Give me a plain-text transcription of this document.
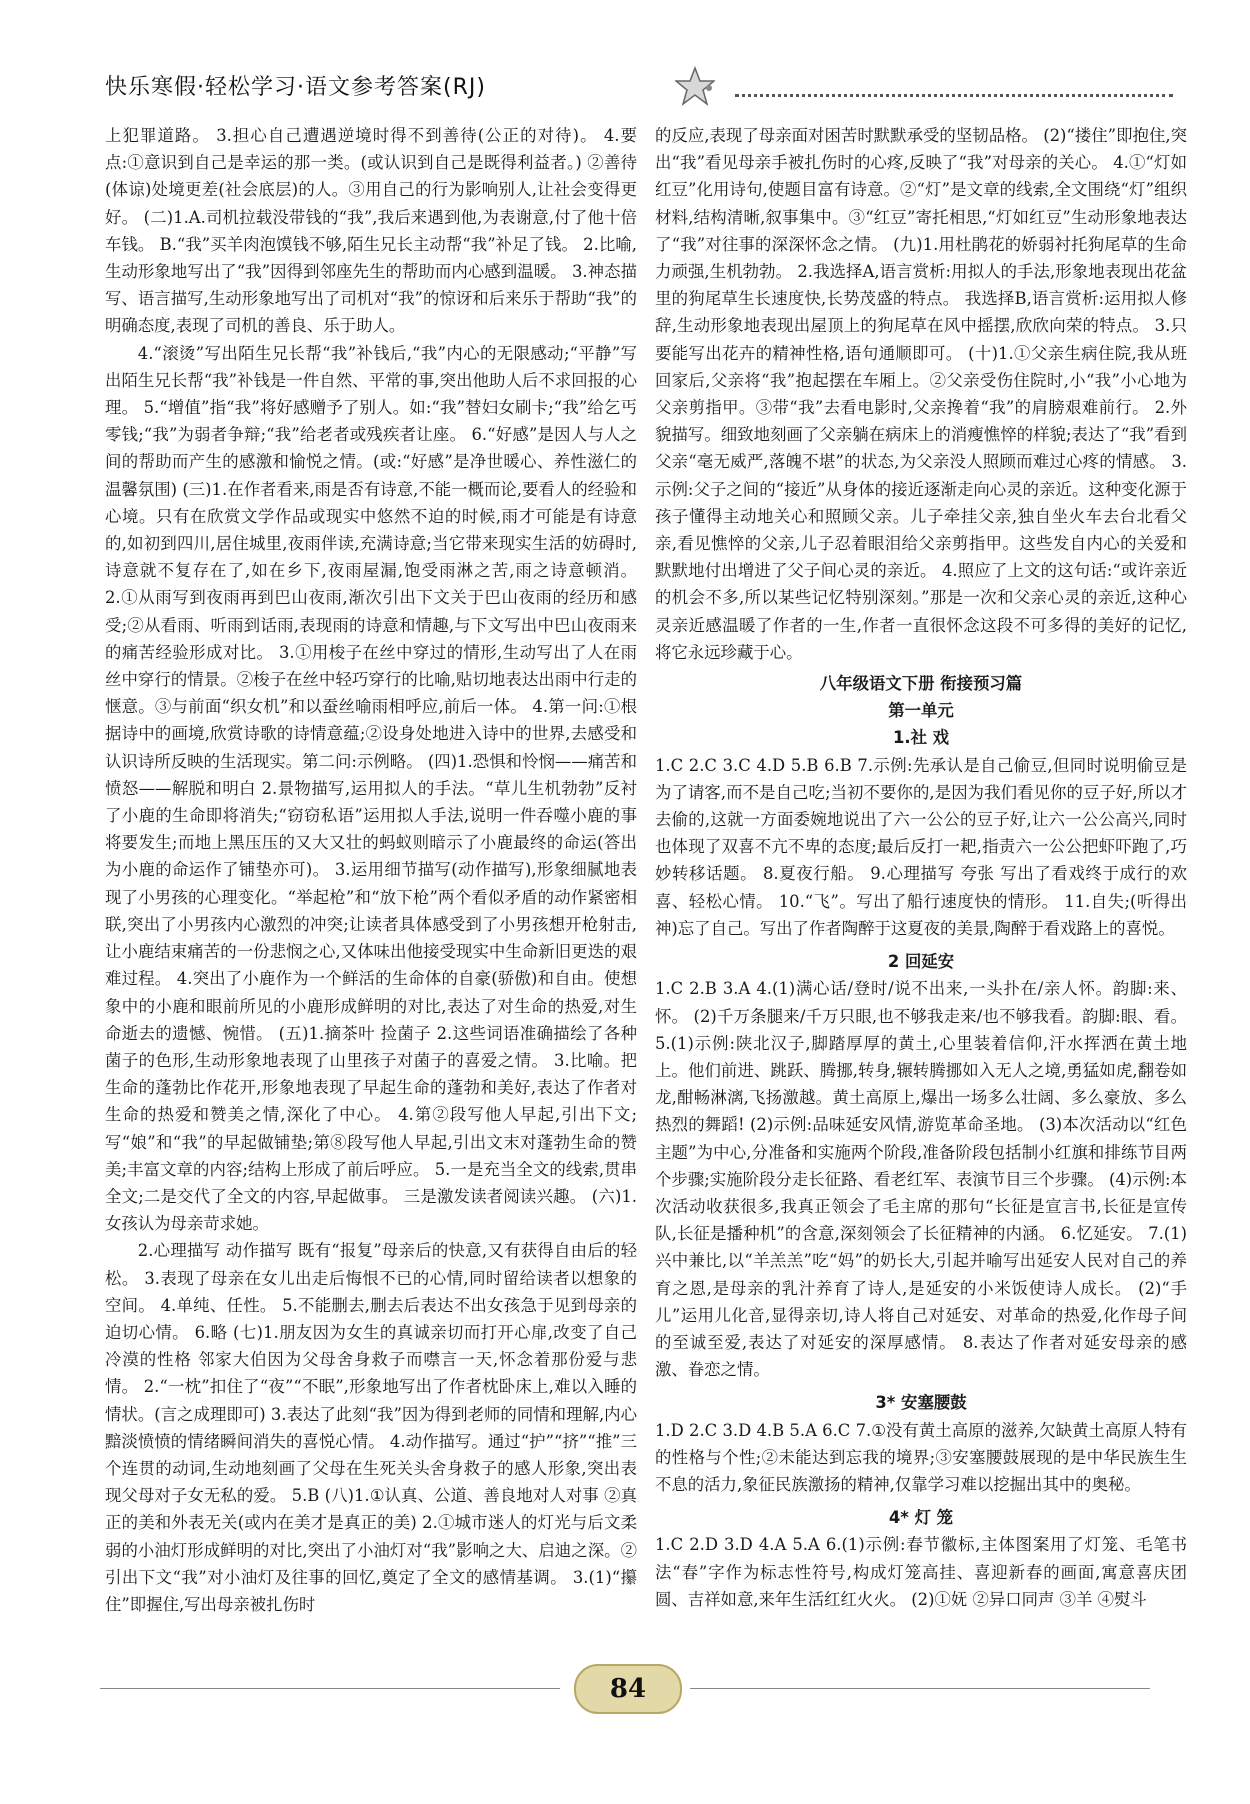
快乐寒假·轻松学习·语文参考答案(RJ)

上犯罪道路。 3.担心自己遭遇逆境时得不到善待(公正的对待)。 4.要点:①意识到自己是幸运的那一类。(或认识到自己是既得利益者。) ②善待(体谅)处境更差(社会底层)的人。③用自己的行为影响别人,让社会变得更好。 (二)1.A.司机拉载没带钱的“我”,我后来遇到他,为表谢意,付了他十倍车钱。 B.“我”买羊肉泡馍钱不够,陌生兄长主动帮“我”补足了钱。 2.比喻,生动形象地写出了“我”因得到邻座先生的帮助而内心感到温暖。 3.神态描写、语言描写,生动形象地写出了司机对“我”的惊讶和后来乐于帮助“我”的明确态度,表现了司机的善良、乐于助人。

4.“滚烫”写出陌生兄长帮“我”补钱后,“我”内心的无限感动;“平静”写出陌生兄长帮“我”补钱是一件自然、平常的事,突出他助人后不求回报的心理。 5.“增值”指“我”将好感赠予了别人。如:“我”替妇女刷卡;“我”给乞丐零钱;“我”为弱者争辩;“我”给老者或残疾者让座。 6.“好感”是因人与人之间的帮助而产生的感激和愉悦之情。(或:“好感”是净世暖心、养性滋仁的温馨氛围) (三)1.在作者看来,雨是否有诗意,不能一概而论,要看人的经验和心境。只有在欣赏文学作品或现实中悠然不迫的时候,雨才可能是有诗意的,如初到四川,居住城里,夜雨伴读,充满诗意;当它带来现实生活的妨碍时,诗意就不复存在了,如在乡下,夜雨屋漏,饱受雨淋之苦,雨之诗意顿消。 2.①从雨写到夜雨再到巴山夜雨,渐次引出下文关于巴山夜雨的经历和感受;②从看雨、听雨到话雨,表现雨的诗意和情趣,与下文写出中巴山夜雨来的痛苦经验形成对比。 3.①用梭子在丝中穿过的情形,生动写出了人在雨丝中穿行的情景。②梭子在丝中轻巧穿行的比喻,贴切地表达出雨中行走的惬意。③与前面“织女机”和以蚕丝喻雨相呼应,前后一体。 4.第一问:①根据诗中的画境,欣赏诗歌的诗情意蕴;②设身处地进入诗中的世界,去感受和认识诗所反映的生活现实。第二问:示例略。 (四)1.恐惧和怜悯——痛苦和愤怒——解脱和明白 2.景物描写,运用拟人的手法。“草儿生机勃勃”反衬了小鹿的生命即将消失;“窃窃私语”运用拟人手法,说明一件吞噬小鹿的事将要发生;而地上黑压压的又大又壮的蚂蚁则暗示了小鹿最终的命运(答出为小鹿的命运作了铺垫亦可)。 3.运用细节描写(动作描写),形象细腻地表现了小男孩的心理变化。“举起枪”和“放下枪”两个看似矛盾的动作紧密相联,突出了小男孩内心激烈的冲突;让读者具体感受到了小男孩想开枪射击,让小鹿结束痛苦的一份悲悯之心,又体味出他接受现实中生命新旧更迭的艰难过程。 4.突出了小鹿作为一个鲜活的生命体的自豪(骄傲)和自由。使想象中的小鹿和眼前所见的小鹿形成鲜明的对比,表达了对生命的热爱,对生命逝去的遗憾、惋惜。 (五)1.摘茶叶 捡菌子 2.这些词语准确描绘了各种菌子的色形,生动形象地表现了山里孩子对菌子的喜爱之情。 3.比喻。把生命的蓬勃比作花开,形象地表现了早起生命的蓬勃和美好,表达了作者对生命的热爱和赞美之情,深化了中心。 4.第②段写他人早起,引出下文;写“娘”和“我”的早起做铺垫;第⑧段写他人早起,引出文末对蓬勃生命的赞美;丰富文章的内容;结构上形成了前后呼应。 5.一是充当全文的线索,贯串全文;二是交代了全文的内容,早起做事。 三是激发读者阅读兴趣。 (六)1.女孩认为母亲苛求她。

2.心理描写 动作描写 既有“报复”母亲后的快意,又有获得自由后的轻松。 3.表现了母亲在女儿出走后悔恨不已的心情,同时留给读者以想象的空间。 4.单纯、任性。 5.不能删去,删去后表达不出女孩急于见到母亲的迫切心情。 6.略 (七)1.朋友因为女生的真诚亲切而打开心扉,改变了自己冷漠的性格 邻家大伯因为父母舍身救子而噤言一天,怀念着那份爱与悲情。 2.“一枕”扣住了“夜”“不眠”,形象地写出了作者枕卧床上,难以入睡的情状。(言之成理即可) 3.表达了此刻“我”因为得到老师的同情和理解,内心黯淡愤愤的情绪瞬间消失的喜悦心情。 4.动作描写。通过“护”“挤”“推”三个连贯的动词,生动地刻画了父母在生死关头舍身救子的感人形象,突出表现父母对子女无私的爱。 5.B (八)1.①认真、公道、善良地对人对事 ②真正的美和外表无关(或内在美才是真正的美) 2.①城市迷人的灯光与后文柔弱的小油灯形成鲜明的对比,突出了小油灯对“我”影响之大、启迪之深。②引出下文“我”对小油灯及往事的回忆,奠定了全文的感情基调。 3.(1)“攥住”即握住,写出母亲被扎伤时

的反应,表现了母亲面对困苦时默默承受的坚韧品格。 (2)“搂住”即抱住,突出“我”看见母亲手被扎伤时的心疼,反映了“我”对母亲的关心。 4.①“灯如红豆”化用诗句,使题目富有诗意。②“灯”是文章的线索,全文围绕“灯”组织材料,结构清晰,叙事集中。③“红豆”寄托相思,“灯如红豆”生动形象地表达了“我”对往事的深深怀念之情。 (九)1.用杜鹃花的娇弱衬托狗尾草的生命力顽强,生机勃勃。 2.我选择A,语言赏析:用拟人的手法,形象地表现出花盆里的狗尾草生长速度快,长势茂盛的特点。 我选择B,语言赏析:运用拟人修辞,生动形象地表现出屋顶上的狗尾草在风中摇摆,欣欣向荣的特点。 3.只要能写出花卉的精神性格,语句通顺即可。 (十)1.①父亲生病住院,我从班回家后,父亲将“我”抱起摆在车厢上。②父亲受伤住院时,小“我”小心地为父亲剪指甲。③带“我”去看电影时,父亲搀着“我”的肩膀艰难前行。 2.外貌描写。细致地刻画了父亲躺在病床上的消瘦憔悴的样貌;表达了“我”看到父亲“毫无威严,落魄不堪”的状态,为父亲没人照顾而难过心疼的情感。 3.示例:父子之间的“接近”从身体的接近逐渐走向心灵的亲近。这种变化源于孩子懂得主动地关心和照顾父亲。儿子牵挂父亲,独自坐火车去台北看父亲,看见憔悴的父亲,儿子忍着眼泪给父亲剪指甲。这些发自内心的关爱和默默地付出增进了父子间心灵的亲近。 4.照应了上文的这句话:“或许亲近的机会不多,所以某些记忆特别深刻。”那是一次和父亲心灵的亲近,这种心灵亲近感温暖了作者的一生,作者一直很怀念这段不可多得的美好的记忆,将它永远珍藏于心。

八年级语文下册 衔接预习篇

第一单元

1.社 戏

1.C 2.C 3.C 4.D 5.B 6.B 7.示例:先承认是自己偷豆,但同时说明偷豆是为了请客,而不是自己吃;当初不要你的,是因为我们看见你的豆子好,所以才去偷的,这就一方面委婉地说出了六一公公的豆子好,让六一公公高兴,同时也体现了双喜不亢不卑的态度;最后反打一耙,指责六一公公把虾吓跑了,巧妙转移话题。 8.夏夜行船。 9.心理描写 夸张 写出了看戏终于成行的欢喜、轻松心情。 10.“飞”。写出了船行速度快的情形。 11.自失;(听得出神)忘了自己。写出了作者陶醉于这夏夜的美景,陶醉于看戏路上的喜悦。

2 回延安

1.C 2.B 3.A 4.(1)满心话/登时/说不出来,一头扑在/亲人怀。韵脚:来、怀。 (2)千万条腿来/千万只眼,也不够我走来/也不够我看。韵脚:眼、看。 5.(1)示例:陕北汉子,脚踏厚厚的黄土,心里装着信仰,汗水挥洒在黄土地上。他们前进、跳跃、腾挪,转身,辗转腾挪如入无人之境,勇猛如虎,翻卷如龙,酣畅淋漓,飞扬激越。黄土高原上,爆出一场多么壮阔、多么豪放、多么热烈的舞蹈! (2)示例:品味延安风情,游览革命圣地。 (3)本次活动以“红色主题”为中心,分准备和实施两个阶段,准备阶段包括制小红旗和排练节目两个步骤;实施阶段分走长征路、看老红军、表演节目三个步骤。 (4)示例:本次活动收获很多,我真正领会了毛主席的那句“长征是宣言书,长征是宣传队,长征是播种机”的含意,深刻领会了长征精神的内涵。 6.忆延安。 7.(1)兴中兼比,以“羊羔羔”吃“妈”的奶长大,引起并喻写出延安人民对自己的养育之恩,是母亲的乳汁养育了诗人,是延安的小米饭使诗人成长。 (2)“手儿”运用儿化音,显得亲切,诗人将自己对延安、对革命的热爱,化作母子间的至诚至爱,表达了对延安的深厚感情。 8.表达了作者对延安母亲的感激、眷恋之情。

3* 安塞腰鼓

1.D 2.C 3.D 4.B 5.A 6.C 7.①没有黄土高原的滋养,欠缺黄土高原人特有的性格与个性;②未能达到忘我的境界;③安塞腰鼓展现的是中华民族生生不息的活力,象征民族激扬的精神,仅靠学习难以挖掘出其中的奥秘。

4* 灯 笼

1.C 2.D 3.D 4.A 5.A 6.(1)示例:春节徽标,主体图案用了灯笼、毛笔书法“春”字作为标志性符号,构成灯笼高挂、喜迎新春的画面,寓意喜庆团圆、吉祥如意,来年生活红红火火。 (2)①妩 ②异口同声 ③羊 ④熨斗

84
